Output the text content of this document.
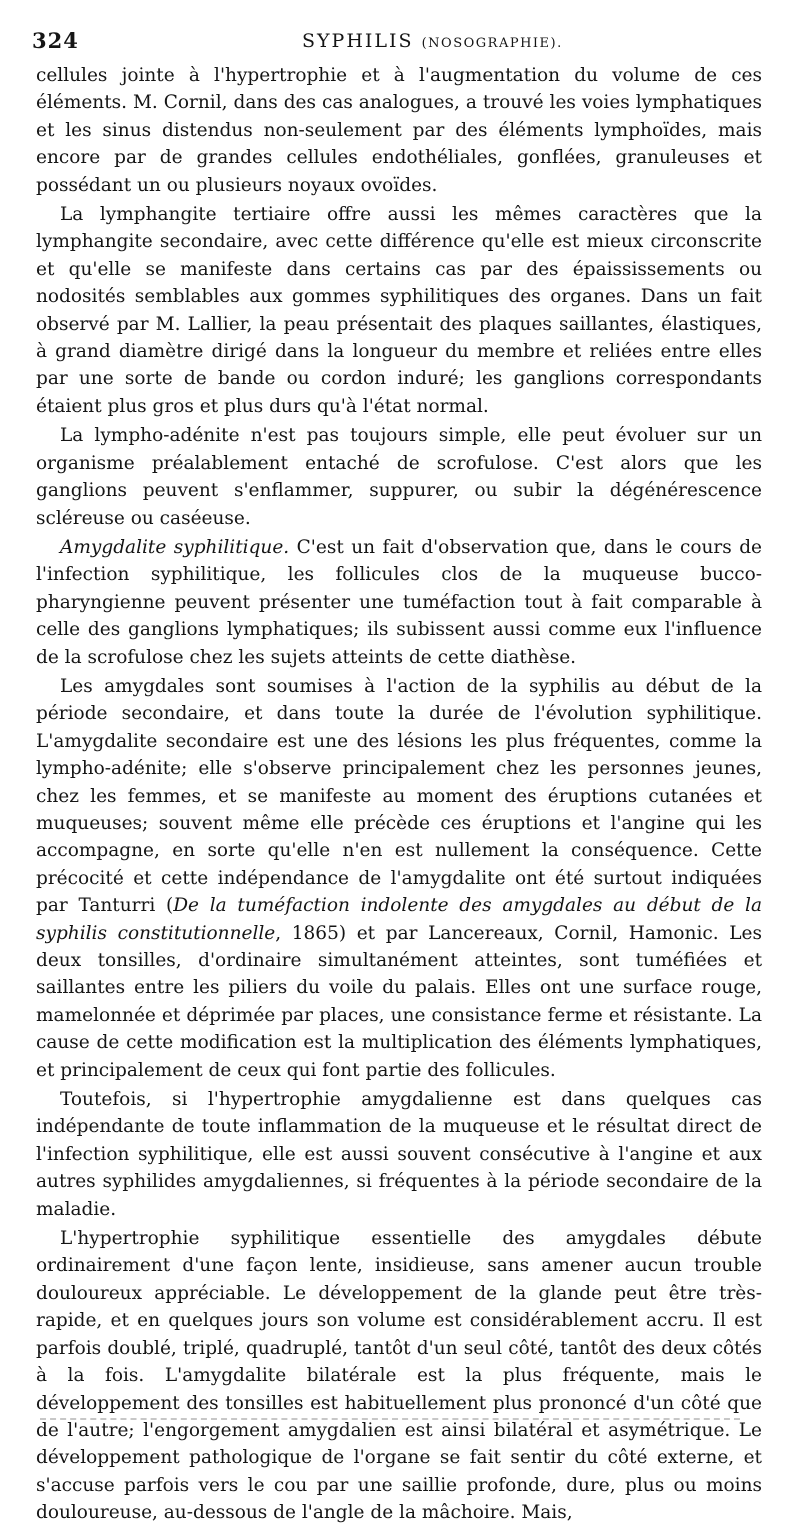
324	SYPHILIS (NOSOGRAPHIE).

cellules jointe à l'hypertrophie et à l'augmentation du volume de ces éléments. M. Cornil, dans des cas analogues, a trouvé les voies lymphatiques et les sinus distendus non-seulement par des éléments lymphoïdes, mais encore par de grandes cellules endothéliales, gonflées, granuleuses et possédant un ou plusieurs noyaux ovoïdes.

La lymphangite tertiaire offre aussi les mêmes caractères que la lymphangite secondaire, avec cette différence qu'elle est mieux circonscrite et qu'elle se manifeste dans certains cas par des épaississements ou nodosités semblables aux gommes syphilitiques des organes. Dans un fait observé par M. Lallier, la peau présentait des plaques saillantes, élastiques, à grand diamètre dirigé dans la longueur du membre et reliées entre elles par une sorte de bande ou cordon induré; les ganglions correspondants étaient plus gros et plus durs qu'à l'état normal.

La lympho-adénite n'est pas toujours simple, elle peut évoluer sur un organisme préalablement entaché de scrofulose. C'est alors que les ganglions peuvent s'enflammer, suppurer, ou subir la dégénérescence scléreuse ou caséeuse.

Amygdalite syphilitique. C'est un fait d'observation que, dans le cours de l'infection syphilitique, les follicules clos de la muqueuse bucco-pharyngienne peuvent présenter une tuméfaction tout à fait comparable à celle des ganglions lymphatiques; ils subissent aussi comme eux l'influence de la scrofulose chez les sujets atteints de cette diathèse.

Les amygdales sont soumises à l'action de la syphilis au début de la période secondaire, et dans toute la durée de l'évolution syphilitique. L'amygdalite secondaire est une des lésions les plus fréquentes, comme la lympho-adénite; elle s'observe principalement chez les personnes jeunes, chez les femmes, et se manifeste au moment des éruptions cutanées et muqueuses; souvent même elle précède ces éruptions et l'angine qui les accompagne, en sorte qu'elle n'en est nullement la conséquence. Cette précocité et cette indépendance de l'amygdalite ont été surtout indiquées par Tanturri (De la tuméfaction indolente des amygdales au début de la syphilis constitutionnelle, 1865) et par Lancereaux, Cornil, Hamonic. Les deux tonsilles, d'ordinaire simultanément atteintes, sont tuméfiées et saillantes entre les piliers du voile du palais. Elles ont une surface rouge, mamelonnée et déprimée par places, une consistance ferme et résistante. La cause de cette modification est la multiplication des éléments lymphatiques, et principalement de ceux qui font partie des follicules.

Toutefois, si l'hypertrophie amygdalienne est dans quelques cas indépendante de toute inflammation de la muqueuse et le résultat direct de l'infection syphilitique, elle est aussi souvent consécutive à l'angine et aux autres syphilides amygdaliennes, si fréquentes à la période secondaire de la maladie.

L'hypertrophie syphilitique essentielle des amygdales débute ordinairement d'une façon lente, insidieuse, sans amener aucun trouble douloureux appréciable. Le développement de la glande peut être très-rapide, et en quelques jours son volume est considérablement accru. Il est parfois doublé, triplé, quadruplé, tantôt d'un seul côté, tantôt des deux côtés à la fois. L'amygdalite bilatérale est la plus fréquente, mais le développement des tonsilles est habituellement plus prononcé d'un côté que de l'autre; l'engorgement amygdalien est ainsi bilatéral et asymétrique. Le développement pathologique de l'organe se fait sentir du côté externe, et s'accuse parfois vers le cou par une saillie profonde, dure, plus ou moins douloureuse, au-dessous de l'angle de la mâchoire. Mais,
